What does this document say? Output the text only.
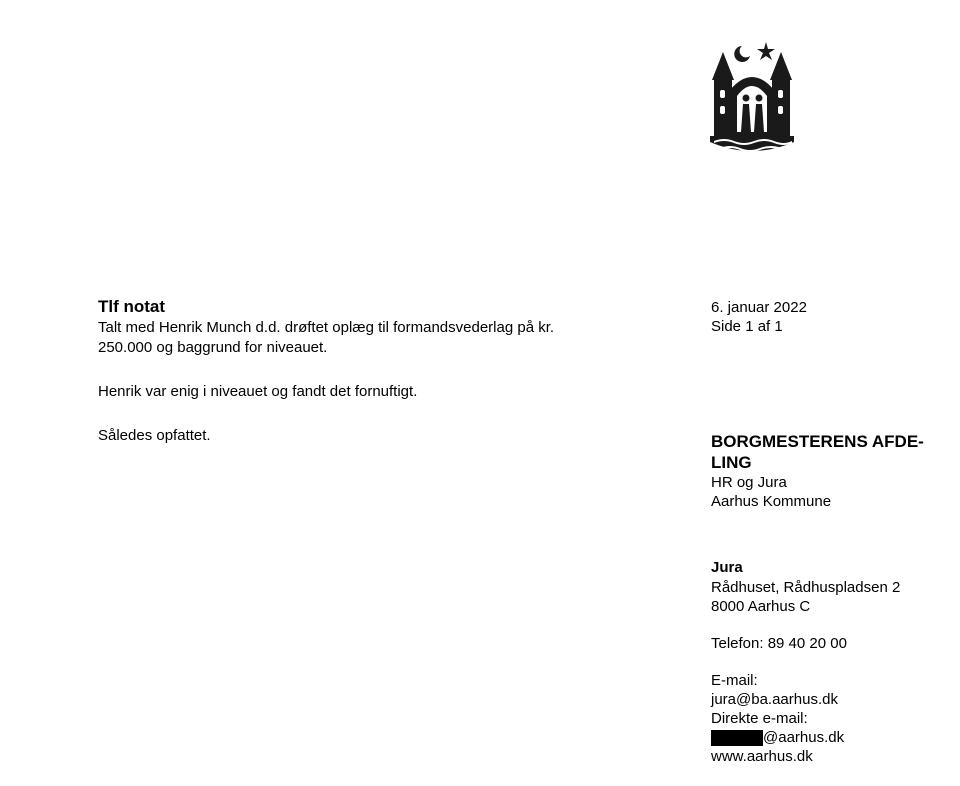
Tlf notat

Talt med Henrik Munch d.d. drøftet oplæg til formandsvederlag på kr.

250.000 og baggrund for niveauet.

Henrik var enig i niveauet og fandt det fornuftigt.

Således opfattet.

6. januar 2022
Side 1 af 1

BORGMESTERENS AFDE-

LING

HR og Jura

Aarhus Kommune

Jura

Rådhuset, Rådhuspladsen 2

8000 Aarhus C

Telefon: 89 40 20 00

E-mail:

jura@ba.aarhus.dk

Direkte e-mail:

@aarhus.dk

www.aarhus.dk
